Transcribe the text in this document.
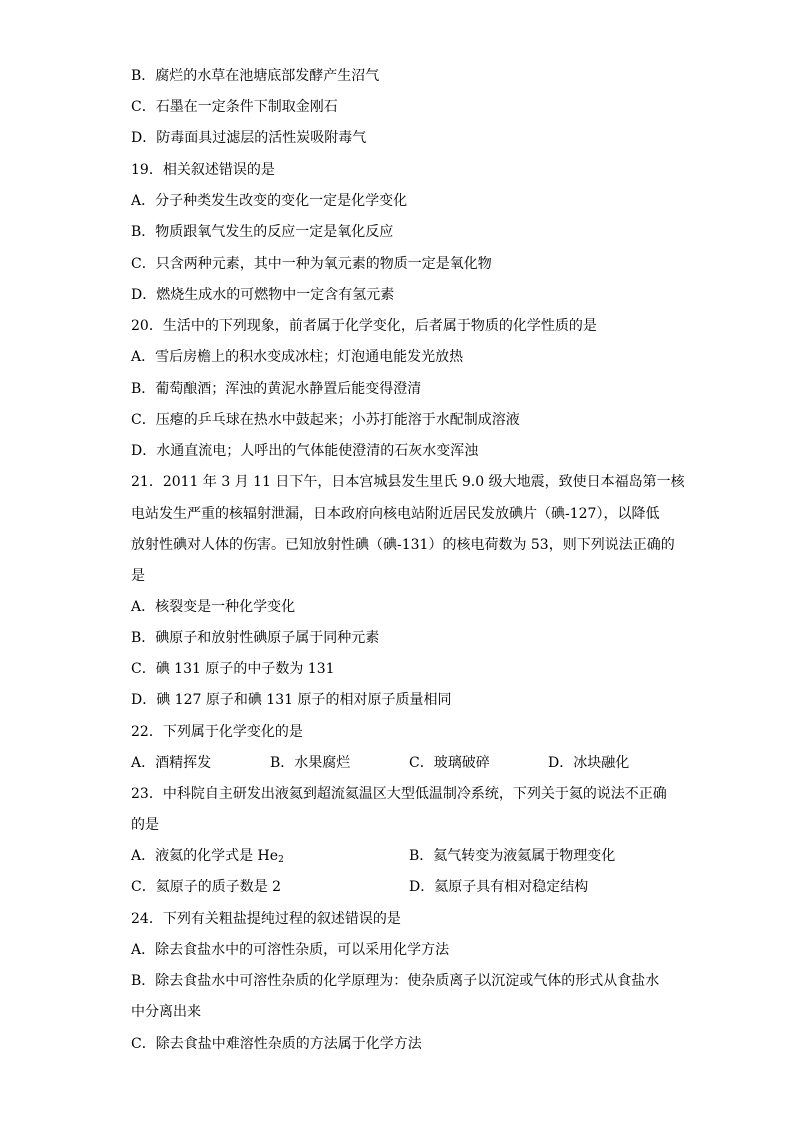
B．腐烂的水草在池塘底部发酵产生沼气
C．石墨在一定条件下制取金刚石
D．防毒面具过滤层的活性炭吸附毒气
19．相关叙述错误的是
A．分子种类发生改变的变化一定是化学变化
B．物质跟氧气发生的反应一定是氧化反应
C．只含两种元素，其中一种为氧元素的物质一定是氧化物
D．燃烧生成水的可燃物中一定含有氢元素
20．生活中的下列现象，前者属于化学变化，后者属于物质的化学性质的是
A．雪后房檐上的积水变成冰柱；灯泡通电能发光放热
B．葡萄酿酒；浑浊的黄泥水静置后能变得澄清
C．压瘪的乒乓球在热水中鼓起来；小苏打能溶于水配制成溶液
D．水通直流电；人呼出的气体能使澄清的石灰水变浑浊
21．2011 年 3 月 11 日下午，日本宫城县发生里氏 9.0 级大地震，致使日本福岛第一核
电站发生严重的核辐射泄漏，日本政府向核电站附近居民发放碘片（碘-127），以降低
放射性碘对人体的伤害。已知放射性碘（碘-131）的核电荷数为 53，则下列说法正确的
是
A．核裂变是一种化学变化
B．碘原子和放射性碘原子属于同种元素
C．碘 131 原子的中子数为 131
D．碘 127 原子和碘 131 原子的相对原子质量相同
22．下列属于化学变化的是
A．酒精挥发	B．水果腐烂	C．玻璃破碎	D．冰块融化
23．中科院自主研发出液氦到超流氦温区大型低温制冷系统，下列关于氦的说法不正确
的是
A．液氦的化学式是 $He_2$	B．氦气转变为液氦属于物理变化
C．氦原子的质子数是 2	D．氦原子具有相对稳定结构
24．下列有关粗盐提纯过程的叙述错误的是
A．除去食盐水中的可溶性杂质，可以采用化学方法
B．除去食盐水中可溶性杂质的化学原理为：使杂质离子以沉淀或气体的形式从食盐水
中分离出来
C．除去食盐中难溶性杂质的方法属于化学方法
